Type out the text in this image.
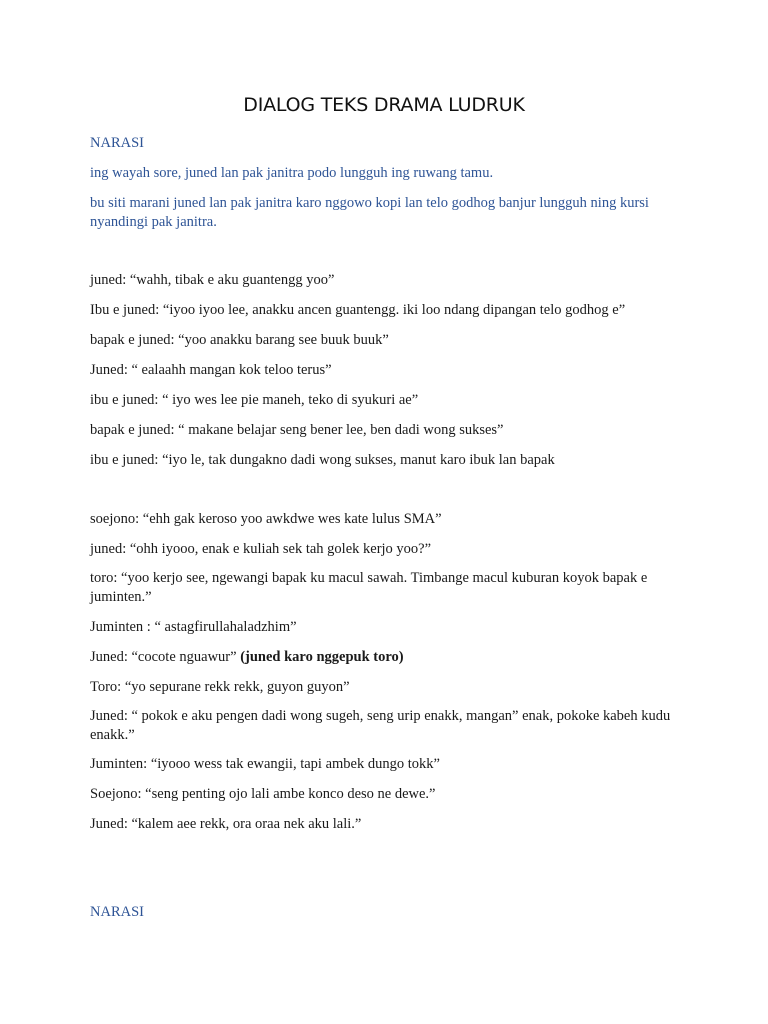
DIALOG TEKS DRAMA LUDRUK
NARASI
ing wayah sore, juned lan pak janitra podo lungguh ing ruwang tamu.
bu siti marani juned lan pak janitra karo nggowo kopi lan telo godhog banjur lungguh ning kursi nyandingi pak janitra.
juned: “wahh, tibak e aku guantengg yoo”
Ibu e juned: “iyoo iyoo lee, anakku ancen guantengg. iki loo ndang dipangan telo godhog e”
bapak e juned: “yoo anakku barang see buuk buuk”
Juned: “ ealaahh mangan kok teloo terus”
ibu e juned: “ iyo wes lee pie maneh, teko di syukuri ae”
bapak e juned: “ makane belajar seng bener lee, ben dadi wong sukses”
ibu e juned: “iyo le, tak dungakno dadi wong sukses, manut karo ibuk lan bapak
soejono: “ehh gak keroso yoo awkdwe wes kate lulus SMA”
juned: “ohh iyooo, enak e kuliah sek tah golek kerjo yoo?”
toro: “yoo kerjo see, ngewangi bapak ku macul sawah. Timbange macul kuburan koyok bapak e juminten.”
Juminten : “ astagfirullahaladzhim”
Juned: “cocote nguawur” (juned karo nggepuk toro)
Toro: “yo sepurane rekk rekk, guyon guyon”
Juned: “ pokok e aku pengen dadi wong sugeh, seng urip enakk, mangan” enak, pokoke kabeh kudu enakk.”
Juminten: “iyooo wess tak ewangii, tapi ambek dungo tokk”
Soejono: “seng penting ojo lali ambe konco deso ne dewe.”
Juned: “kalem aee rekk, ora oraa nek aku lali.”
NARASI
